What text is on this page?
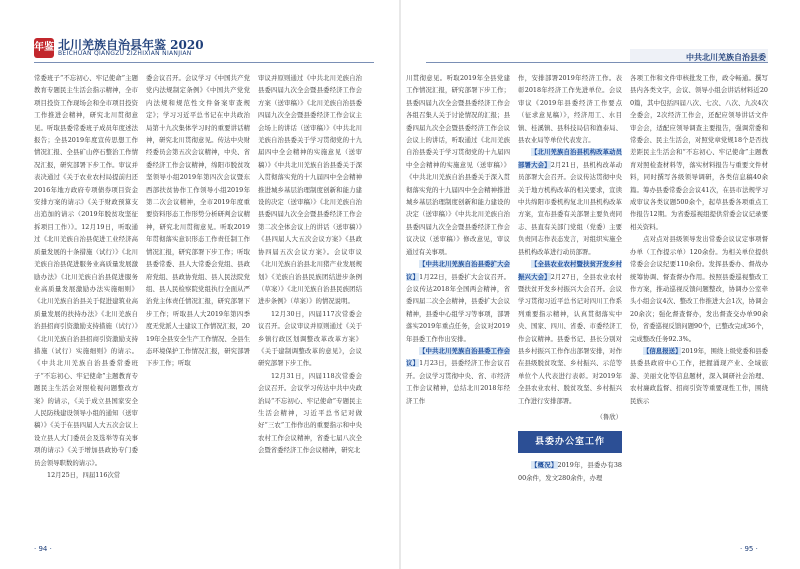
年鉴 北川羌族自治县年鉴 2020
BEICHUAN QIANGZU ZIZHIXIAN NIANJIAN

常委班子“不忘初心、牢记使命”主题教育专题民主生活会指示精神，全市项目投资工作现场会和全市项目投资工作推进会精神，研究北川贯彻意见。听取县委常委班子成员年度述法报告；全县2019年度宣传思想工作情况汇报、全县矿山停石整治工作情况汇报，研究部署下步工作。审议并表决通过《关于农业农村局提前归还2016年地方政府专项债券项目资金安排方案的请示》《关于财政预算支出追加的请示（2019年脱贫攻坚征拆项目工作）》。12月19日，听取通过《北川羌族自治县促进工业经济高质量发展的十条措施（试行）》《北川羌族自治县促进服务业高质量发展激励办法》《北川羌族自治县促进服务业高质量发展激励办法实施细则》《北川羌族自治县关于促进建筑业高质量发展的扶持办法》《北川羌族自治县招商引资激励支持措施（试行）》《北川羌族自治县招商引资激励支持措施（试行）实施细则》的请示。《中共北川羌族自治县委常委班子“不忘初心、牢记使命”主题教育专题民主生活会对照检视问题整改方案》的请示，《关于成立县国家安全人民防线建设领导小组的通知（送审稿）》《关于在县四届人大五次会议上设立县人大门委员会及选举等有关事项的请示》《关于增加县政协专门委员会领导职数的请示》。

12月25日，四届116次常

委会议召开。会议学习《中国共产党党内法规制定条例》《中国共产党党内法规和规范性文件备案审查规定》；学习习近平总书记在中共政治局第十九次集体学习时的重要讲话精神，研究北川贯彻意见。传达中央财经委员会第五次会议精神，中央、省委经济工作会议精神，绵阳市脱贫攻坚领导小组2019年第四次会议暨东西部扶贫协作工作领导小组2019年第二次会议精神，全市2019年度重要资料形态工作形势分析研判会议精神，研究北川贯彻意见。听取2019年贯彻落实意识形态工作责任制工作情况汇报，研究部署下步工作；听取县委常委、县人大常委会党组、县政府党组、县政协党组、县人民法院党组、县人民检察院党组执行全面从严治党主体责任情况汇报，研究部署下步工作；听取县人大2019年第四季度无党派人士建议工作情况汇报，2019年全县安全生产工作情况、全县生态环境保护工作情况汇报，研究部署下步工作；听取

审议并原则通过《中共北川羌族自治县委四届九次全会暨县委经济工作会方案（送审稿）》《北川羌族自治县委四届九次全会暨县委经济工作会议主会场上的讲话（送审稿）》《中共北川羌族自治县委关于学习贯彻党的十九届四中全会精神的实施意见（送审稿）》《中共北川羌族自治县委关于深入贯彻落实党的十九届四中全会精神推进城乡基层治理制度创新和能力建设的决定（送审稿）》《北川羌族自治县委四届九次全会暨县委经济工作会第二次全体会议上的讲话（送审稿）》《县四届人大五次会议方案》《县政协四届五次会议方案》。会议审议《北川羌族自治县北川猪产业发展规划》《羌族自治县民族团结进步条例（草案）》《北川羌族自治县民族团结进步条例》（草案）》的情况说明。

12月30日，四届117次常委会议召开。会议审议并原则通过《关于乡镇行政区划调整改革改革方案》《关于建制调整改革的意见》，会议研究部署下步工作。

12月31日，四届118次常委会会议召开。会议学习传达中共中央政治局“不忘初心、牢记使命”专题民主生活会精神，习近平总书记对做好“三农”工作作出的重要指示和中央农村工作会议精神，省委七届八次全会暨省委经济工作会议精神，研究北

· 94 ·
中共北川羌族自治县委

川贯彻意见。听取2019年全县党建工作情况汇报，研究部署下步工作；县委四届九次全会暨县委经济工作会各组召集人关于讨论情况的汇报；县委四届九次全会暨县委经济工作会议会议上的讲话，听取通过《北川羌族自治县委关于学习贯彻党的十九届四中全会精神的实施意见（送审稿）》《中共北川羌族自治县委关于深入贯彻落实党的十九届四中全会精神推进城乡基层治理制度创新和能力建设的决定（送审稿）》《中共北川羌族自治县委四届九次全会暨县委经济工作会议决议（送审稿）》修改意见，审议通过有关事项。

【中共北川羌族自治县委扩大会议】1月22日，县委扩大会议召开。会议传达2018年全国两会精神，省委四届二次全会精神，县委扩大会议精神，县委中心组学习等事项，部署落实2019年重点任务，会议对2019年县委工作作出安排。

【中共北川羌族自治县委工作会议】1月23日，县委经济工作会议召开。会议学习贯彻中央、省、市经济工作会议精神，总结北川2018年经济工作

作，安排部署2019年经济工作。表彰2018年经济工作先进单位。会议审议《2019年县委经济工作要点（征求意见稿）》，经济用工、水目镇、桂溪镇、县科技局信和渔泰局、县农业局等单位代表发言。

【北川羌族自治县机构改革动员部署大会】2月21日，县机构改革动员部署大会召开。会议传达贯彻中央关于地方机构改革的相关要求，宣读中共绵阳市委机构复北川县机构改革方案，宣布县委有关部署主要负责同志、县直有关部门党组（党委）主要负责同志作表态发言，对组织实施全县机构改革进行动员部署。

【全县农业农村暨扶贫开发乡村振兴大会】2月27日，全县农业农村暨扶贫开发乡村振兴大会召开。会议学习贯彻习近平总书记对四川工作系列重要指示精神，认真贯彻落实中央、国家、四川、省委、市委经济工作会议精神。县委书记、县长分别对县乡村振兴工作作出部署安排，对作在县级脱贫攻坚、乡村振兴、示范等单位个人代表进行表彰。对2019年全县农业农村、脱贫攻坚、乡村振兴工作进行安排部署。

（鲁欣）
县委办公室工作

【概况】2019年，县委办有3800余件，发文280余件，办理

各项工作和文件审核批发工作，政令畅通。撰写县内各类文字，会议、领导小组会讲话材料近200篇，其中包括四届八次、七次、八次、九次4次全委会，2次经济工作会，还配应领导讲话文件审会会，适配应领导调查主要报告，强调常委和常委会、民主生活会，对照党章党规18个是否找差距民主生活会和“不忘初心、牢记使命”主题教育对照检查材料等，落实材料报告与重要文件材料，同时撰写各级领导调研，各类信息稿40余篇。筹办县委常委会会议41次，在县市法规学习成审议各类议题500余个，起草县委各项重点工作报告12期。为省委巡视组提供常委会议记录要相关资料。

点对点对县级领导发出常委会议议定事项督办单（工作提示单）120余份。为相关单位提供常委会会议纪要110余份。发挥县委办、督战办统筹协调、督查督办作用。按照县委巡视整改工作方案，推动巡视反馈问题整改，协调办公室牵头小组会议4次、整改工作推进大会1次，协调会20余次；强化督查督办，发出督查交办单90余份，省委巡视反馈问题90个，已整改完成36个，完成整改任务92.3%。

【信息报送】2019年，围绕上级党委和县委县委县政府中心工作，把握涌现产业、全域旅游、美丽文化等信息题材，深入调研社会治理、农村廉政监督、招商引资等重要现性工作，围绕民族示

· 95 ·
